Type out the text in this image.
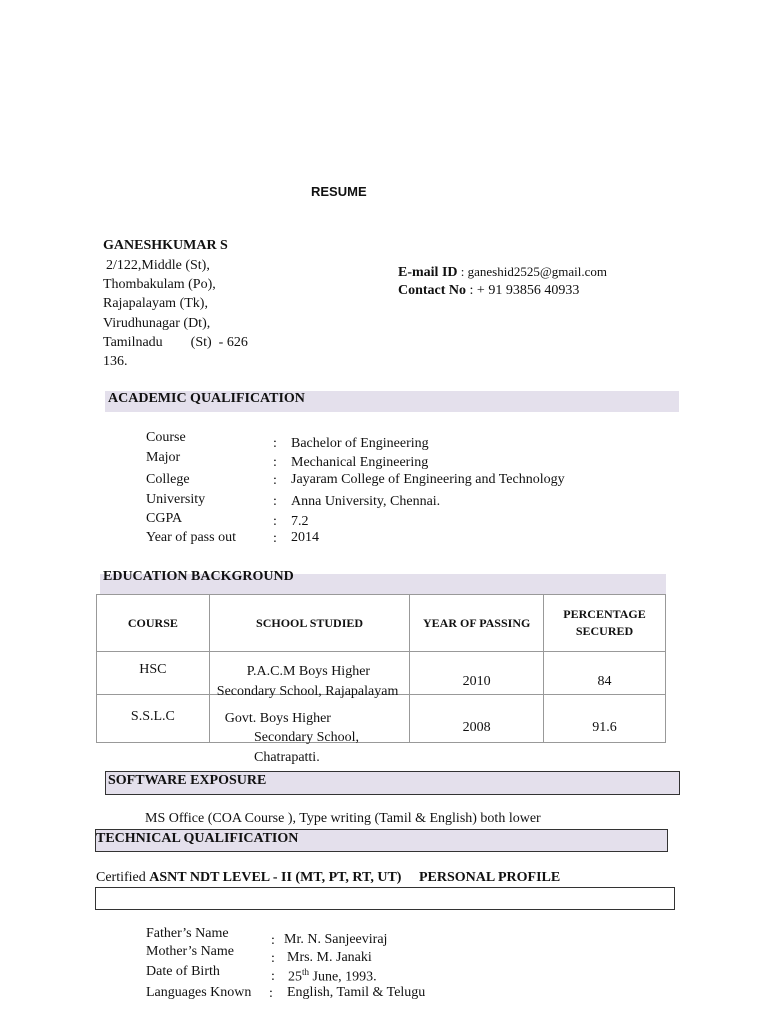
RESUME
GANESHKUMAR S
2/122,Middle (St),
Thombakulam (Po),
Rajapalayam (Tk),
Virudhunagar (Dt),
Tamilnadu        (St)  - 626
136.
E-mail ID : ganeshid2525@gmail.com
Contact No : + 91 93856 40933
ACADEMIC QUALIFICATION
Course	: Bachelor of Engineering
Major	: Mechanical Engineering
College	: Jayaram College of Engineering and Technology
University	: Anna University, Chennai.
CGPA	: 7.2
Year of pass out	: 2014
EDUCATION BACKGROUND
COURSE	SCHOOL STUDIED	YEAR OF PASSING	PERCENTAGE SECURED

HSC	P.A.C.M Boys Higher
Secondary School, Rajapalayam	2010	84

S.S.L.C	Govt. Boys Higher	2008	91.6
Secondary School,
Chatrapatti.
SOFTWARE EXPOSURE
MS Office (COA Course ), Type writing (Tamil & English) both lower
TECHNICAL QUALIFICATION
Certified ASNT NDT LEVEL - II (MT, PT, RT, UT) PERSONAL PROFILE
Father’s Name	: Mr. N. Sanjeeviraj
Mother’s Name	: Mrs. M. Janaki
Date of Birth	: 25th June, 1993.
Languages Known : English, Tamil & Telugu
